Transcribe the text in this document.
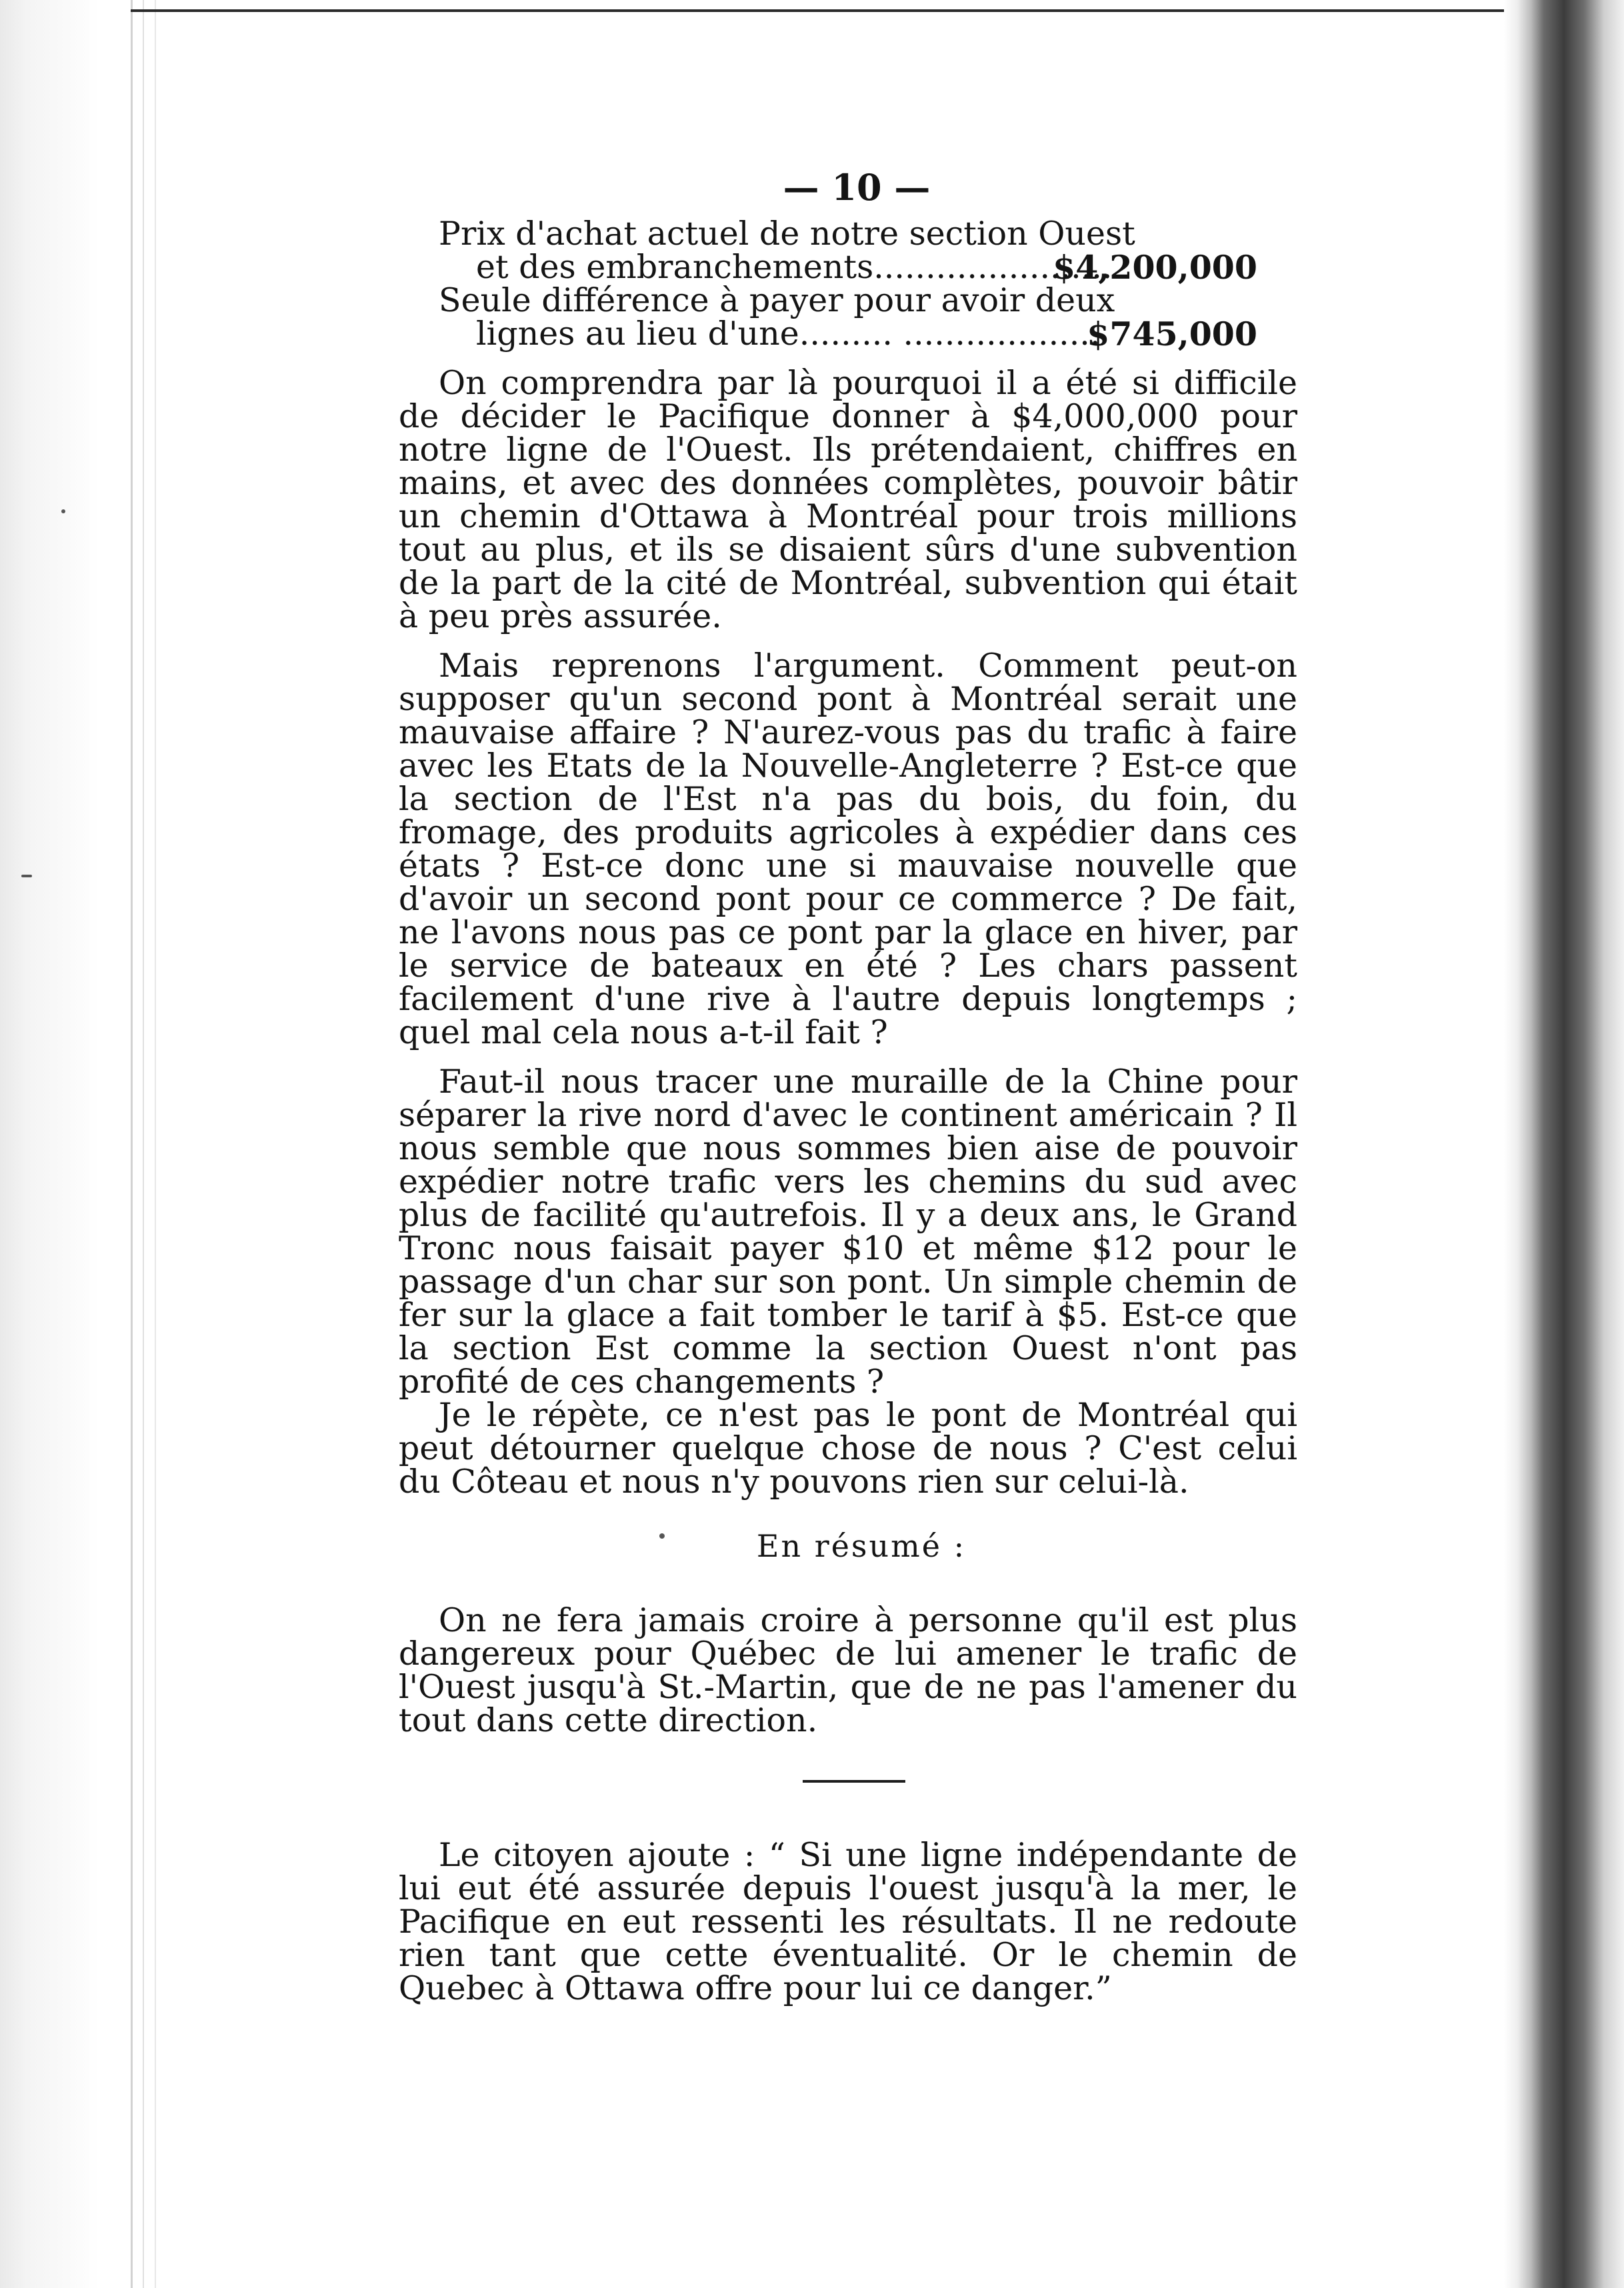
— 10 —
Prix d'achat actuel de notre section Ouest
et des embranchements.......................
$4,200,000
Seule différence à payer pour avoir deux
lignes au lieu d'une......... ...................
$745,000

On comprendra par là pourquoi il a été si difficile de décider le Pacifique donner à $4,000,000 pour notre ligne de l'Ouest. Ils prétendaient, chiffres en mains, et avec des données complètes, pouvoir bâtir un chemin d'Ottawa à Montréal pour trois millions tout au plus, et ils se disaient sûrs d'une subvention de la part de la cité de Montréal, subvention qui était à peu près assurée.

Mais reprenons l'argument. Comment peut-on supposer qu'un second pont à Montréal serait une mauvaise affaire ? N'aurez-vous pas du trafic à faire avec les Etats de la Nouvelle-Angleterre ? Est-ce que la section de l'Est n'a pas du bois, du foin, du fromage, des produits agricoles à expédier dans ces états ? Est-ce donc une si mauvaise nouvelle que d'avoir un second pont pour ce commerce ? De fait, ne l'avons nous pas ce pont par la glace en hiver, par le service de bateaux en été ? Les chars passent facilement d'une rive à l'autre depuis longtemps ; quel mal cela nous a-t-il fait ?

Faut-il nous tracer une muraille de la Chine pour séparer la rive nord d'avec le continent américain ? Il nous semble que nous sommes bien aise de pouvoir expédier notre trafic vers les chemins du sud avec plus de facilité qu'autrefois. Il y a deux ans, le Grand Tronc nous faisait payer $10 et même $12 pour le passage d'un char sur son pont. Un simple chemin de fer sur la glace a fait tomber le tarif à $5. Est-ce que la section Est comme la section Ouest n'ont pas profité de ces changements ?

Je le répète, ce n'est pas le pont de Montréal qui peut détourner quelque chose de nous ? C'est celui du Côteau et nous n'y pouvons rien sur celui-là.

En résumé :

On ne fera jamais croire à personne qu'il est plus dangereux pour Québec de lui amener le trafic de l'Ouest jusqu'à St.-Martin, que de ne pas l'amener du tout dans cette direction.

Le citoyen ajoute : “ Si une ligne indépendante de lui eut été assurée depuis l'ouest jusqu'à la mer, le Pacifique en eut ressenti les résultats. Il ne redoute rien tant que cette éventualité. Or le chemin de Quebec à Ottawa offre pour lui ce danger.”
